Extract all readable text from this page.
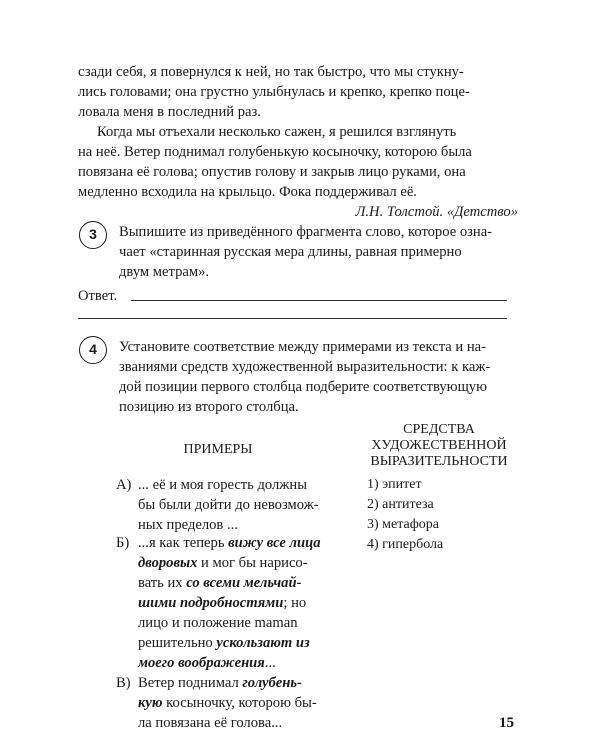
сзади себя, я повернулся к ней, но так быстро, что мы стукну-
лись головами; она грустно улыбнулась и крепко, крепко поце-
ловала меня в последний раз.
Когда мы отъехали несколько сажен, я решился взглянуть
на неё. Ветер поднимал голубенькую косыночку, которою была
повязана её голова; опустив голову и закрыв лицо руками, она
медленно всходила на крыльцо. Фока поддерживал её.
Л.Н. Толстой. «Детство»
3	Выпишите из приведённого фрагмента слово, которое озна-
чает «старинная русская мера длины, равная примерно
двум метрам».
Ответ.
4	Установите соответствие между примерами из текста и на-
званиями средств художественной выразительности: к каж-
дой позиции первого столбца подберите соответствующую
позицию из второго столбца.
ПРИМЕРЫ
СРЕДСТВА
ХУДОЖЕСТВЕННОЙ
ВЫРАЗИТЕЛЬНОСТИ
А) ... её и моя горесть должны
бы были дойти до невозмож-
ных пределов ...
Б) ...я как теперь вижу все лица
дворовых и мог бы нарисо-
вать их со всеми мельчай-
шими подробностями; но
лицо и положение maman
решительно ускользают из
моего воображения...
В) Ветер поднимал голубень-
кую косыночку, которою бы-
ла повязана её голова...
1) эпитет
2) антитеза
3) метафора
4) гипербола
15
